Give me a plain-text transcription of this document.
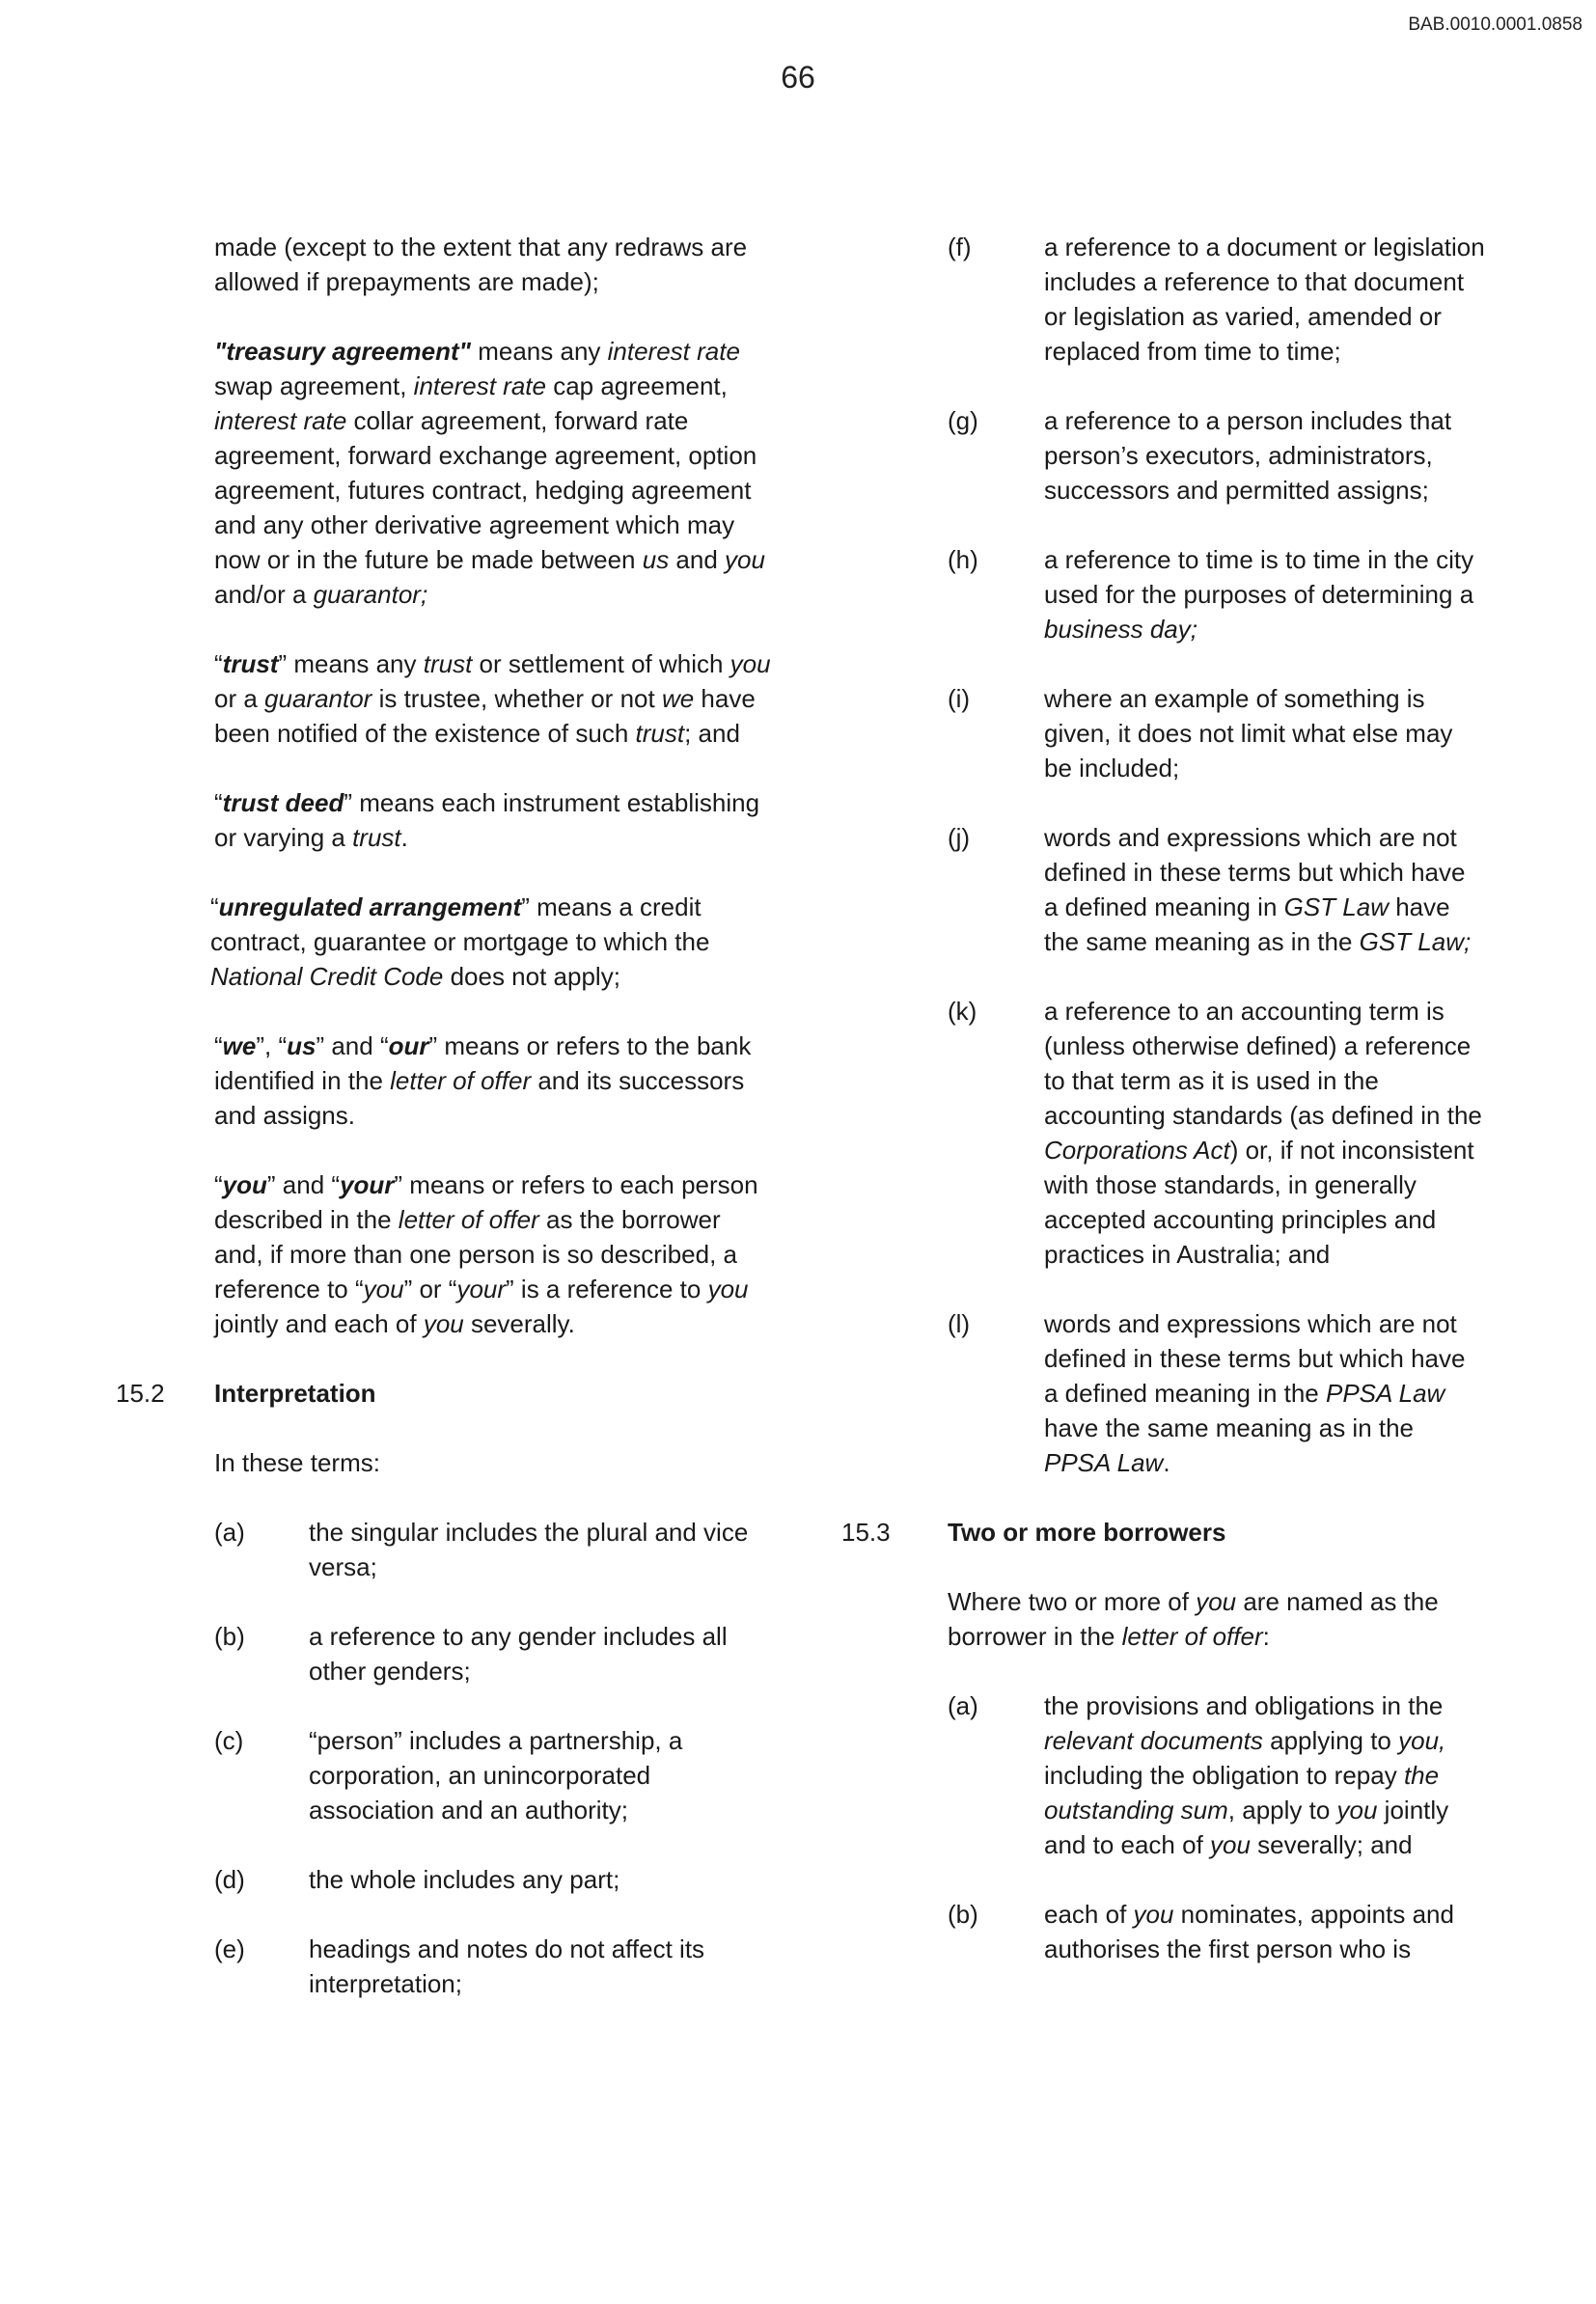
BAB.0010.0001.0858
66

made (except to the extent that any redraws are allowed if prepayments are made);

"treasury agreement" means any interest rate swap agreement, interest rate cap agreement, interest rate collar agreement, forward rate agreement, forward exchange agreement, option agreement, futures contract, hedging agreement and any other derivative agreement which may now or in the future be made between us and you and/or a guarantor;

“trust” means any trust or settlement of which you or a guarantor is trustee, whether or not we have been notified of the existence of such trust; and

“trust deed” means each instrument establishing or varying a trust.

“unregulated arrangement” means a credit contract, guarantee or mortgage to which the National Credit Code does not apply;

“we”, “us” and “our” means or refers to the bank identified in the letter of offer and its successors and assigns.

“you” and “your” means or refers to each person described in the letter of offer as the borrower and, if more than one person is so described, a reference to “you” or “your” is a reference to you jointly and each of you severally.

15.2	Interpretation

In these terms:

(a)	the singular includes the plural and vice versa;
(b)	a reference to any gender includes all other genders;
(c)	“person” includes a partnership, a corporation, an unincorporated association and an authority;
(d)	the whole includes any part;
(e)	headings and notes do not affect its interpretation;
(f)	a reference to a document or legislation includes a reference to that document or legislation as varied, amended or replaced from time to time;
(g)	a reference to a person includes that person’s executors, administrators, successors and permitted assigns;
(h)	a reference to time is to time in the city used for the purposes of determining a business day;
(i)	where an example of something is given, it does not limit what else may be included;
(j)	words and expressions which are not defined in these terms but which have a defined meaning in GST Law have the same meaning as in the GST Law;
(k)	a reference to an accounting term is (unless otherwise defined) a reference to that term as it is used in the accounting standards (as defined in the Corporations Act) or, if not inconsistent with those standards, in generally accepted accounting principles and practices in Australia; and
(l)	words and expressions which are not defined in these terms but which have a defined meaning in the PPSA Law have the same meaning as in the PPSA Law.
15.3	Two or more borrowers

Where two or more of you are named as the borrower in the letter of offer:

(a)	the provisions and obligations in the relevant documents applying to you, including the obligation to repay the outstanding sum, apply to you jointly and to each of you severally; and
(b)	each of you nominates, appoints and authorises the first person who is
